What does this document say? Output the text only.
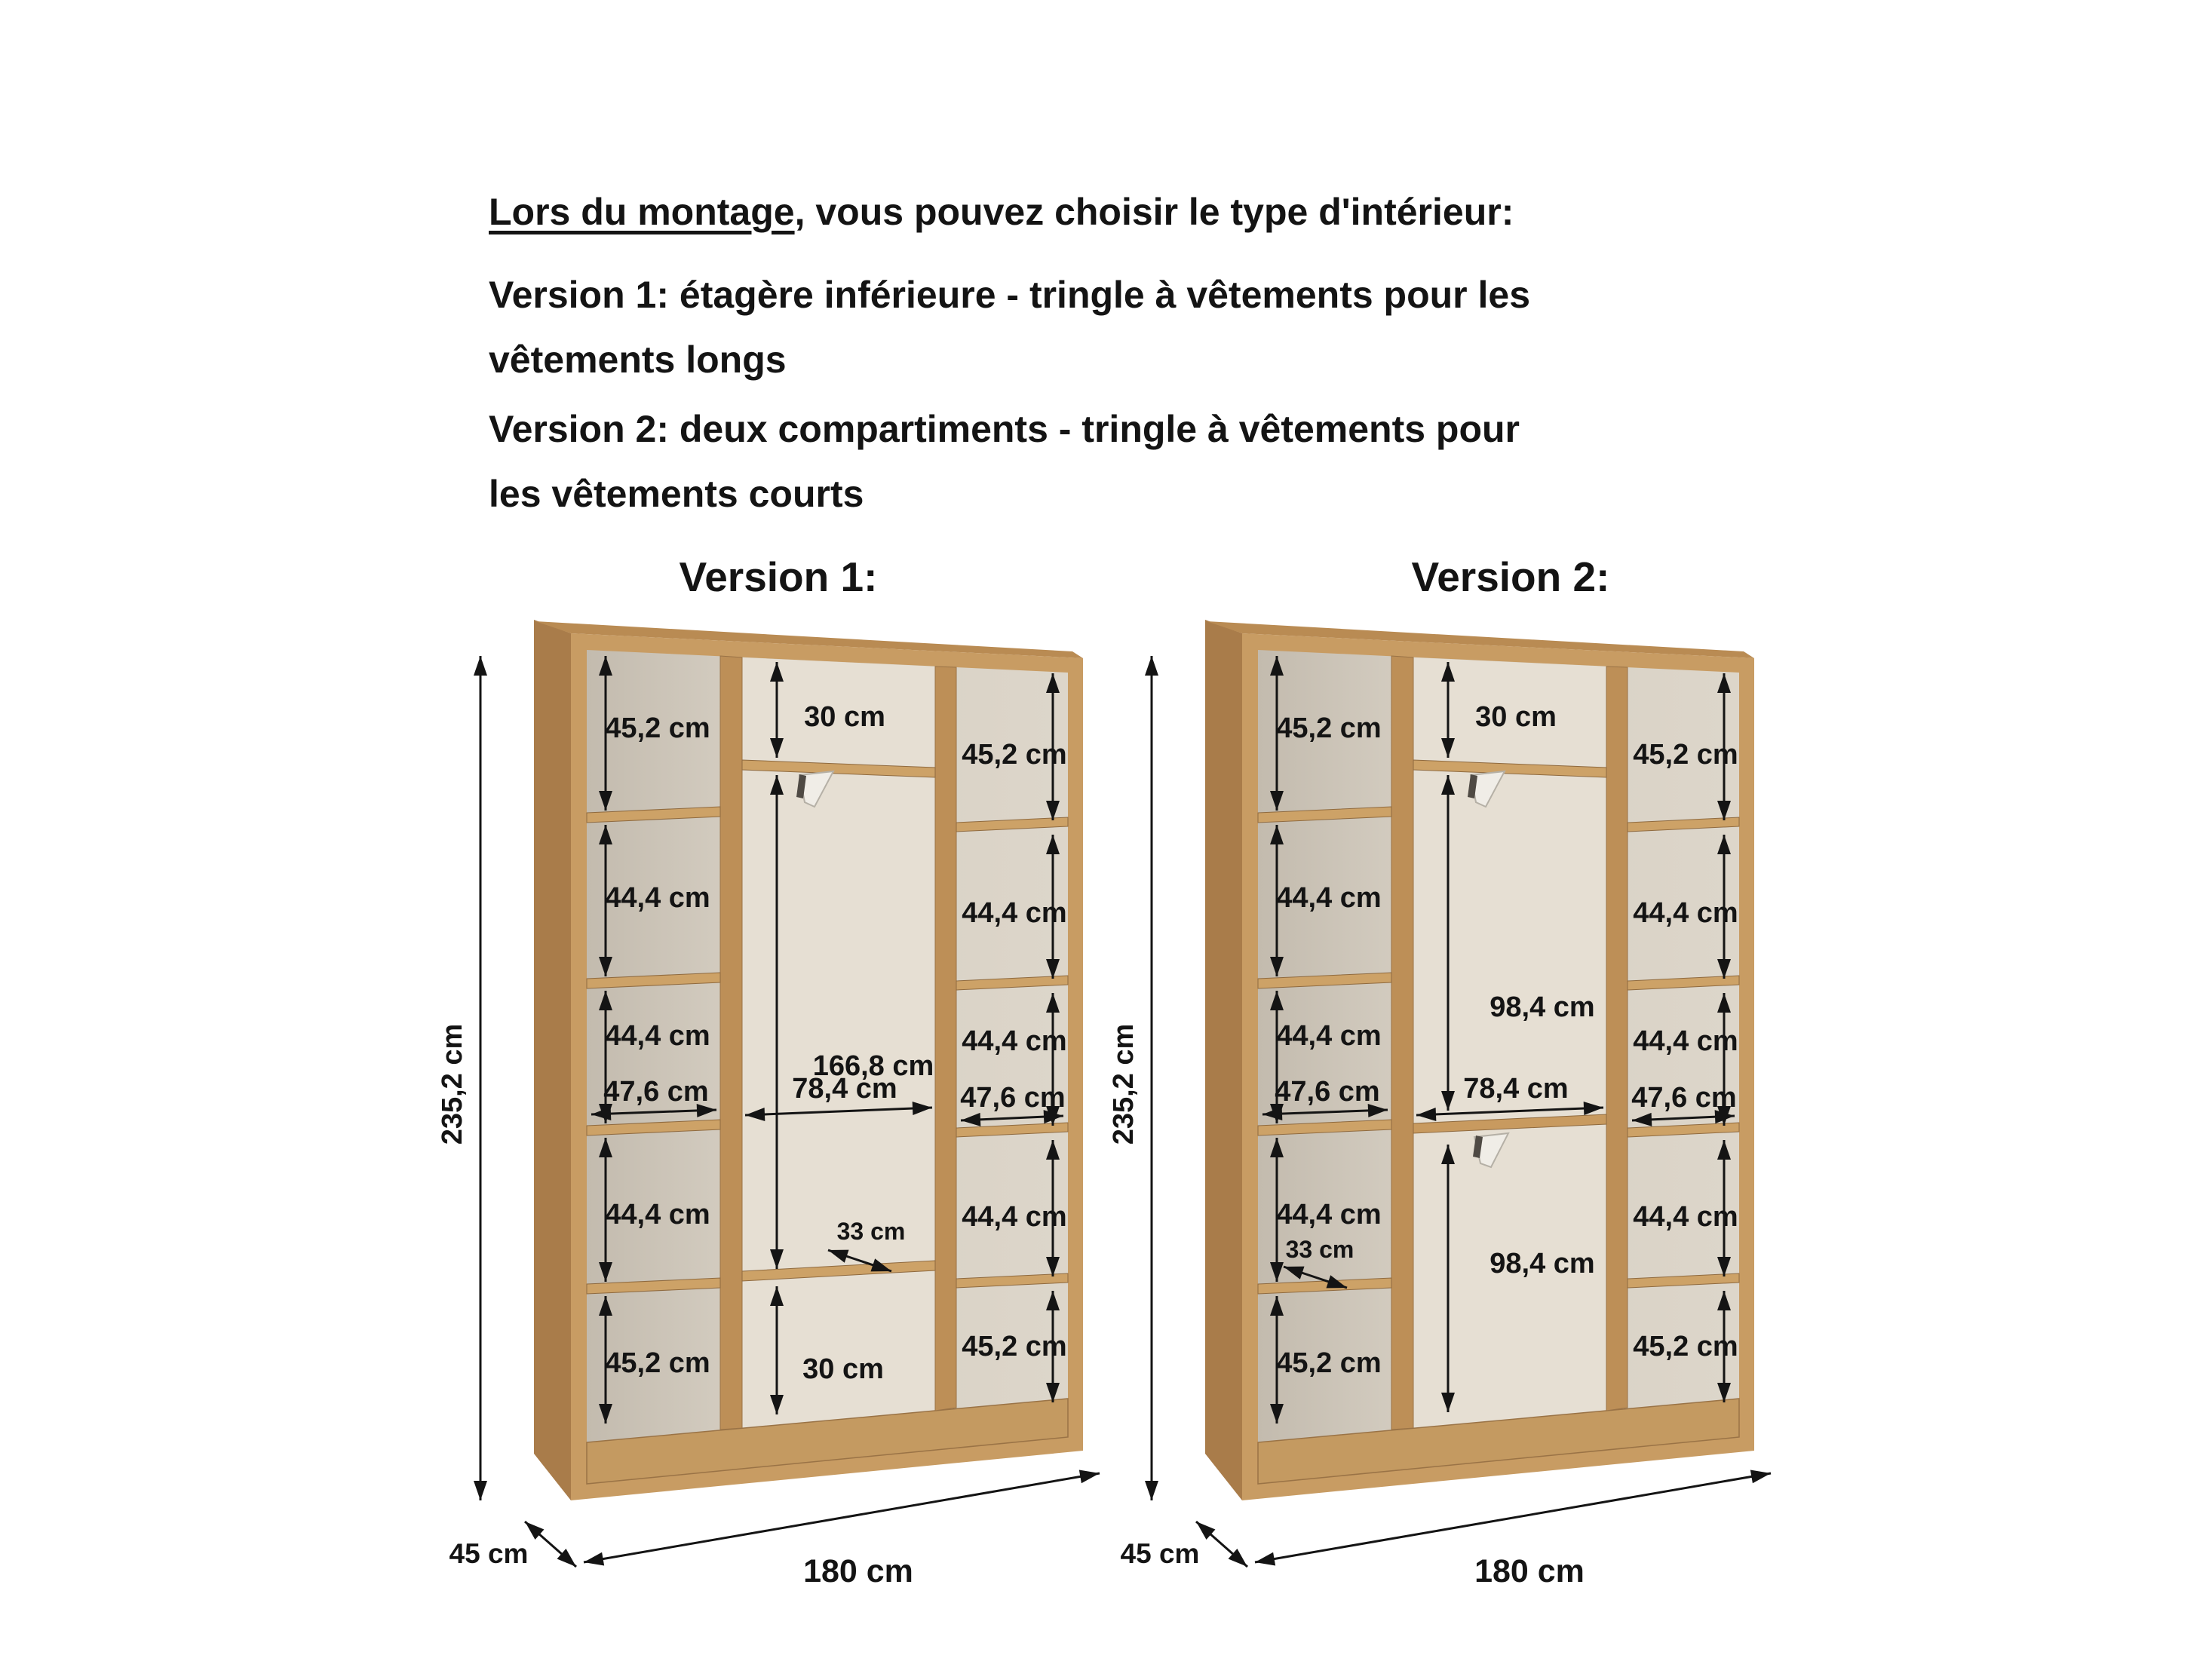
Lors du montage, vous pouvez choisir le type d'intérieur:

Version 1: étagère inférieure - tringle à vêtements pour les
vêtements longs

Version 2: deux compartiments - tringle à vêtements pour
les vêtements courts

Version 1:	Version 2:
45,2 cm
44,4 cm
44,4 cm
47,6 cm
44,4 cm
45,2 cm
45,2 cm
44,4 cm
44,4 cm
47,6 cm
44,4 cm
45,2 cm
30 cm
166,8 cm
78,4 cm
33 cm
30 cm
235,2 cm
45 cm	180 cm
45,2 cm
44,4 cm
44,4 cm
47,6 cm
44,4 cm
33 cm
45,2 cm
45,2 cm
44,4 cm
44,4 cm
47,6 cm
44,4 cm
45,2 cm
30 cm
98,4 cm
78,4 cm
98,4 cm
235,2 cm
45 cm	180 cm
